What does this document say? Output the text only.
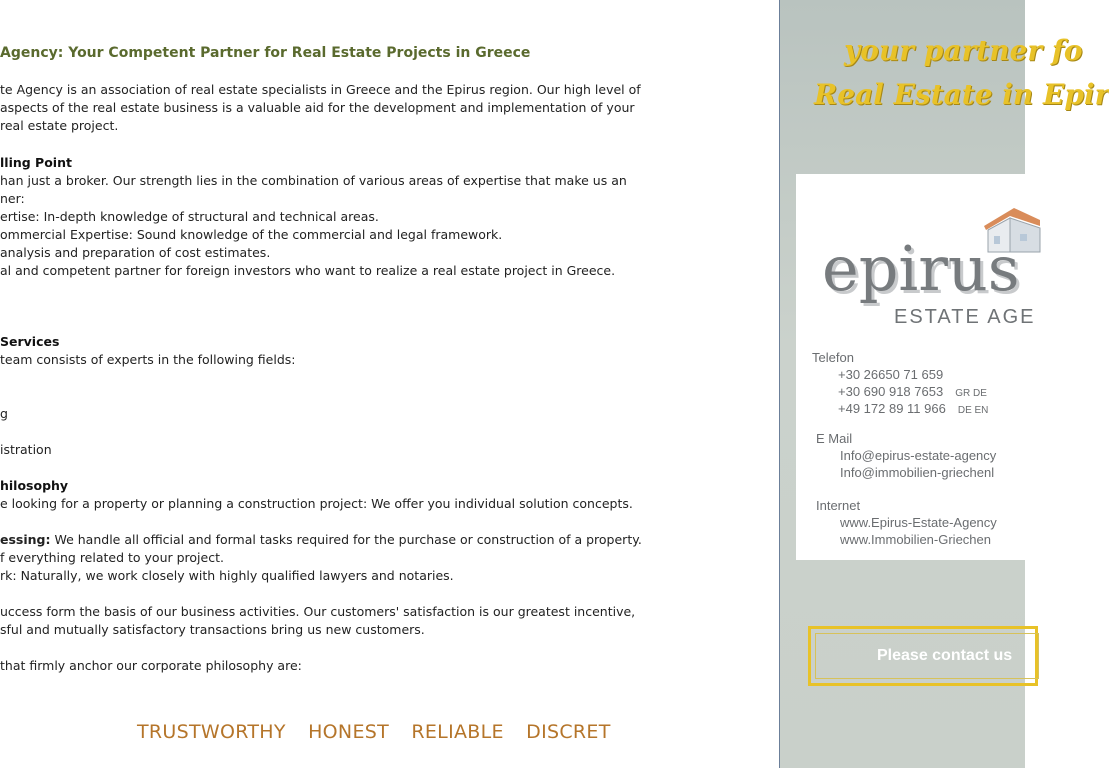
Agency: Your Competent Partner for Real Estate Projects in Greece

te Agency is an association of real estate specialists in Greece and the Epirus region. Our high level of

aspects of the real estate business is a valuable aid for the development and implementation of your

real estate project.

lling Point

han just a broker. Our strength lies in the combination of various areas of expertise that make us an

ner:

ertise: In-depth knowledge of structural and technical areas.

ommercial Expertise: Sound knowledge of the commercial and legal framework.

analysis and preparation of cost estimates.

al and competent partner for foreign investors who want to realize a real estate project in Greece.

Services

team consists of experts in the following fields:

g

istration

hilosophy

e looking for a property or planning a construction project: We offer you individual solution concepts.

essing: We handle all official and formal tasks required for the purchase or construction of a property.

f everything related to your project.

rk: Naturally, we work closely with highly qualified lawyers and notaries.

uccess form the basis of our business activities. Our customers' satisfaction is our greatest incentive,

sful and mutually satisfactory transactions bring us new customers.

that firmly anchor our corporate philosophy are:

TRUSTWORTHY HONEST RELIABLE DISCRET
your partner fo
Real Estate in Epir
epirus
ESTATE AGE
Telefon
+30 26650 71 659
+30 690 918 7653 GR DE
+49 172 89 11 966 DE EN
E Mail
Info@epirus-estate-agency
Info@immobilien-griechenl
Internet
www.Epirus-Estate-Agency
www.Immobilien-Griechen
Please contact us
